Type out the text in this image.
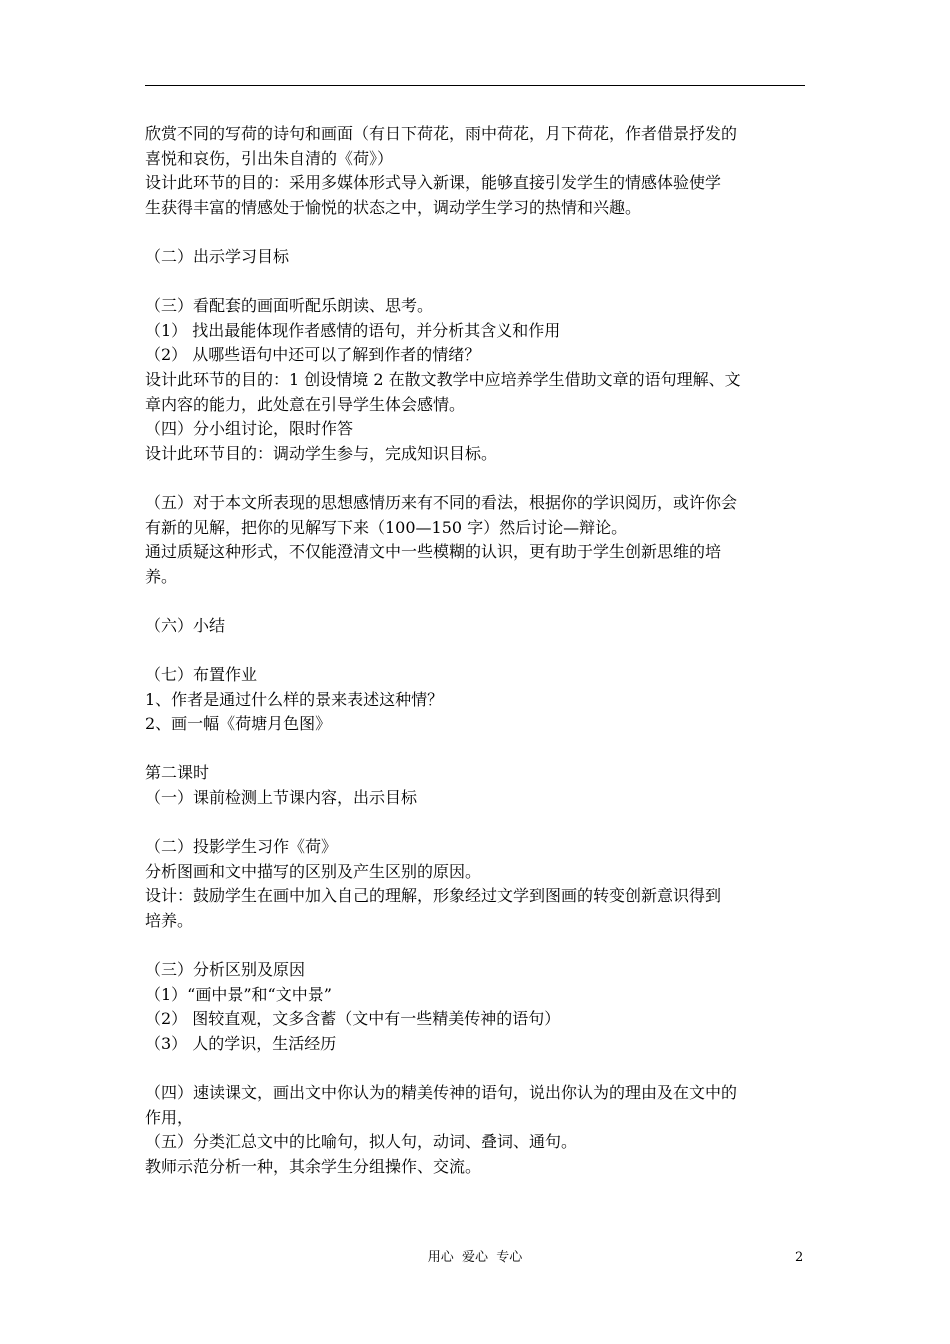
欣赏不同的写荷的诗句和画面（有日下荷花，雨中荷花，月下荷花，作者借景抒发的
喜悦和哀伤，引出朱自清的《荷》）
设计此环节的目的：采用多媒体形式导入新课，能够直接引发学生的情感体验使学
生获得丰富的情感处于愉悦的状态之中，调动学生学习的热情和兴趣。
（二）出示学习目标
（三）看配套的画面听配乐朗读、思考。
（1） 找出最能体现作者感情的语句，并分析其含义和作用
（2） 从哪些语句中还可以了解到作者的情绪？
设计此环节的目的：1 创设情境 2 在散文教学中应培养学生借助文章的语句理解、文
章内容的能力，此处意在引导学生体会感情。
（四）分小组讨论，限时作答
设计此环节目的：调动学生参与，完成知识目标。
（五）对于本文所表现的思想感情历来有不同的看法，根据你的学识阅历，或许你会
有新的见解，把你的见解写下来（100—150 字）然后讨论—辩论。
通过质疑这种形式，不仅能澄清文中一些模糊的认识，更有助于学生创新思维的培
养。
（六）小结
（七）布置作业
1、作者是通过什么样的景来表述这种情？
2、画一幅《荷塘月色图》
第二课时
（一）课前检测上节课内容，出示目标
（二）投影学生习作《荷》
分析图画和文中描写的区别及产生区别的原因。
设计：鼓励学生在画中加入自己的理解，形象经过文学到图画的转变创新意识得到
培养。
（三）分析区别及原因
（1）“画中景”和“文中景”
（2） 图较直观，文多含蓄（文中有一些精美传神的语句）
（3） 人的学识，生活经历
（四）速读课文，画出文中你认为的精美传神的语句，说出你认为的理由及在文中的
作用，
（五）分类汇总文中的比喻句，拟人句，动词、叠词、通句。
教师示范分析一种，其余学生分组操作、交流。
用心  爱心  专心	2
